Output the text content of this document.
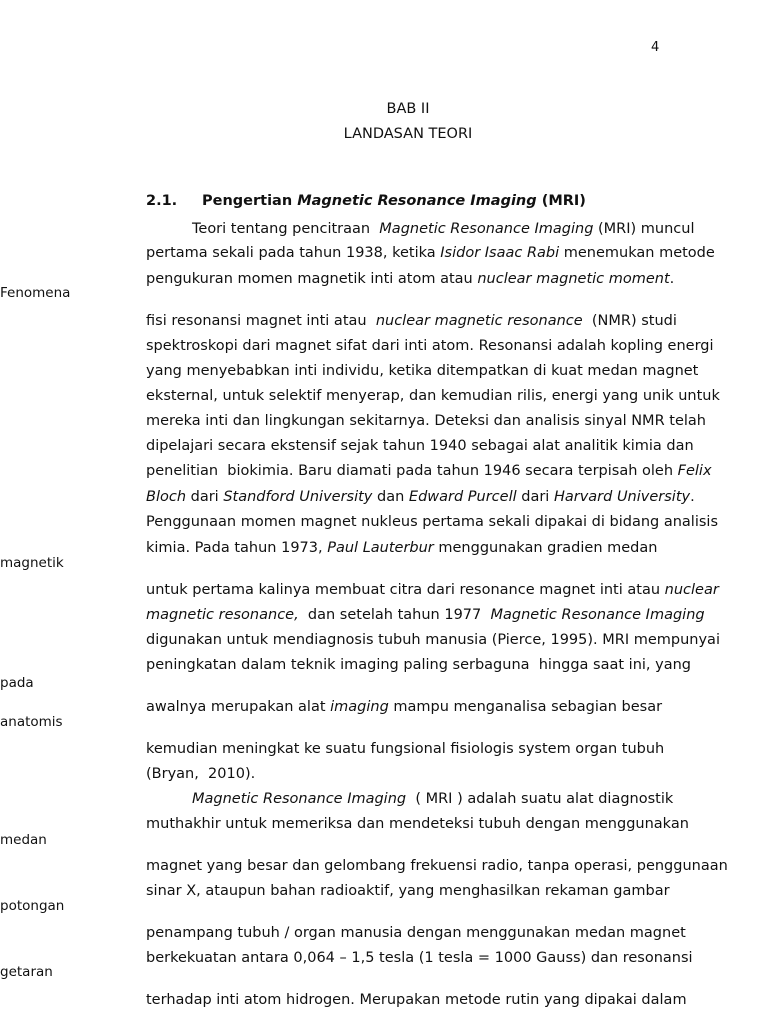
4
BAB II
LANDASAN TEORI
2.1. Pengertian Magnetic Resonance Imaging (MRI)
Fenomena
magnetik
pada
anatomis
medan
potongan
getaran
Teori tentang pencitraan  Magnetic Resonance Imaging (MRI) muncul
pertama sekali pada tahun 1938, ketika Isidor Isaac Rabi menemukan metode
pengukuran momen magnetik inti atom atau nuclear magnetic moment.
fisi resonansi magnet inti atau  nuclear magnetic resonance  (NMR) studi
spektroskopi dari magnet sifat dari inti atom. Resonansi adalah kopling energi
yang menyebabkan inti individu, ketika ditempatkan di kuat medan magnet
eksternal, untuk selektif menyerap, dan kemudian rilis, energi yang unik untuk
mereka inti dan lingkungan sekitarnya. Deteksi dan analisis sinyal NMR telah
dipelajari secara ekstensif sejak tahun 1940 sebagai alat analitik kimia dan
penelitian  biokimia. Baru diamati pada tahun 1946 secara terpisah oleh Felix
Bloch dari Standford University dan Edward Purcell dari Harvard University.
Penggunaan momen magnet nukleus pertama sekali dipakai di bidang analisis
kimia. Pada tahun 1973, Paul Lauterbur menggunakan gradien medan
untuk pertama kalinya membuat citra dari resonance magnet inti atau nuclear
magnetic resonance,  dan setelah tahun 1977  Magnetic Resonance Imaging
digunakan untuk mendiagnosis tubuh manusia (Pierce, 1995). MRI mempunyai
peningkatan dalam teknik imaging paling serbaguna  hingga saat ini, yang
awalnya merupakan alat imaging mampu menganalisa sebagian besar
kemudian meningkat ke suatu fungsional fisiologis system organ tubuh
(Bryan,  2010).
Magnetic Resonance Imaging  ( MRI ) adalah suatu alat diagnostik
muthakhir untuk memeriksa dan mendeteksi tubuh dengan menggunakan
magnet yang besar dan gelombang frekuensi radio, tanpa operasi, penggunaan
sinar X, ataupun bahan radioaktif, yang menghasilkan rekaman gambar
penampang tubuh / organ manusia dengan menggunakan medan magnet
berkekuatan antara 0,064 – 1,5 tesla (1 tesla = 1000 Gauss) dan resonansi
terhadap inti atom hidrogen. Merupakan metode rutin yang dipakai dalam
